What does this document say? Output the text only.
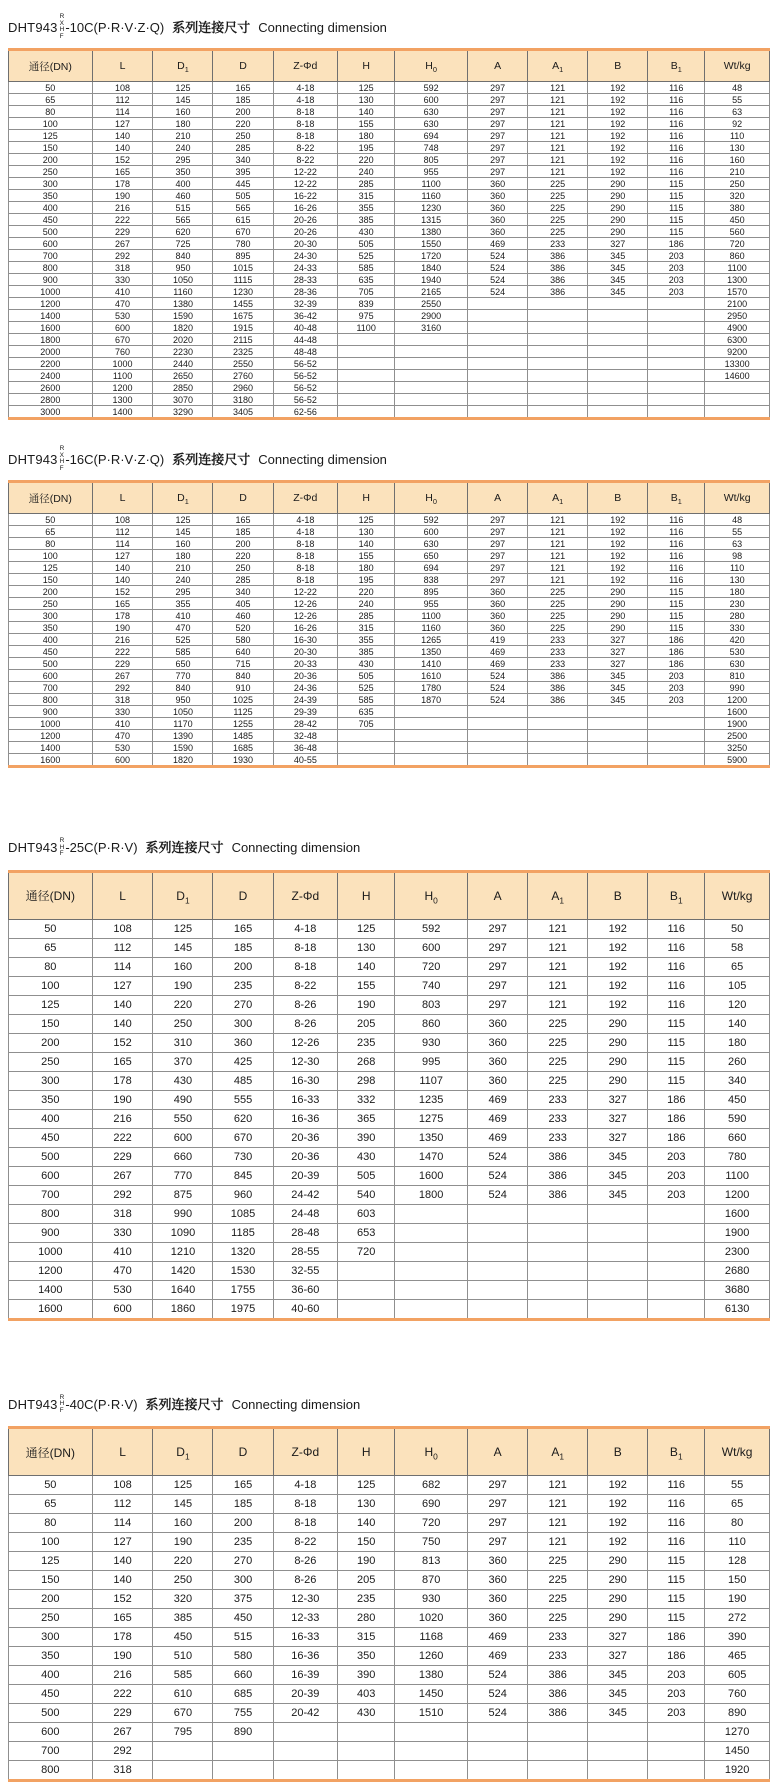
DHT943
R
X
H
F
-10C(P·R·V·Z·Q) 系列连接尺寸 Connecting dimension
通径(DN)	L	$D_1$	D	Z-Φd	H	$H_0$	A	$A_1$	B	$B_1$	Wt/kg
50	108	125	165	4-18	125	592	297	121	192	116	48
65	112	145	185	4-18	130	600	297	121	192	116	55
80	114	160	200	8-18	140	630	297	121	192	116	63
100	127	180	220	8-18	155	630	297	121	192	116	92
125	140	210	250	8-18	180	694	297	121	192	116	110
150	140	240	285	8-22	195	748	297	121	192	116	130
200	152	295	340	8-22	220	805	297	121	192	116	160
250	165	350	395	12-22	240	955	297	121	192	116	210
300	178	400	445	12-22	285	1100	360	225	290	115	250
350	190	460	505	16-22	315	1160	360	225	290	115	320
400	216	515	565	16-26	355	1230	360	225	290	115	380
450	222	565	615	20-26	385	1315	360	225	290	115	450
500	229	620	670	20-26	430	1380	360	225	290	115	560
600	267	725	780	20-30	505	1550	469	233	327	186	720
700	292	840	895	24-30	525	1720	524	386	345	203	860
800	318	950	1015	24-33	585	1840	524	386	345	203	1100
900	330	1050	1115	28-33	635	1940	524	386	345	203	1300
1000	410	1160	1230	28-36	705	2165	524	386	345	203	1570
1200	470	1380	1455	32-39	839	2550					2100
1400	530	1590	1675	36-42	975	2900					2950
1600	600	1820	1915	40-48	1100	3160					4900
1800	670	2020	2115	44-48							6300
2000	760	2230	2325	48-48							9200
2200	1000	2440	2550	56-52							13300
2400	1100	2650	2760	56-52							14600
2600	1200	2850	2960	56-52							
2800	1300	3070	3180	56-52							
3000	1400	3290	3405	62-56							
DHT943
R
X
H
F
-16C(P·R·V·Z·Q) 系列连接尺寸 Connecting dimension
通径(DN)	L	$D_1$	D	Z-Φd	H	$H_0$	A	$A_1$	B	$B_1$	Wt/kg
50	108	125	165	4-18	125	592	297	121	192	116	48
65	112	145	185	4-18	130	600	297	121	192	116	55
80	114	160	200	8-18	140	630	297	121	192	116	63
100	127	180	220	8-18	155	650	297	121	192	116	98
125	140	210	250	8-18	180	694	297	121	192	116	110
150	140	240	285	8-18	195	838	297	121	192	116	130
200	152	295	340	12-22	220	895	360	225	290	115	180
250	165	355	405	12-26	240	955	360	225	290	115	230
300	178	410	460	12-26	285	1100	360	225	290	115	280
350	190	470	520	16-26	315	1160	360	225	290	115	330
400	216	525	580	16-30	355	1265	419	233	327	186	420
450	222	585	640	20-30	385	1350	469	233	327	186	530
500	229	650	715	20-33	430	1410	469	233	327	186	630
600	267	770	840	20-36	505	1610	524	386	345	203	810
700	292	840	910	24-36	525	1780	524	386	345	203	990
800	318	950	1025	24-39	585	1870	524	386	345	203	1200
900	330	1050	1125	29-39	635						1600
1000	410	1170	1255	28-42	705						1900
1200	470	1390	1485	32-48							2500
1400	530	1590	1685	36-48							3250
1600	600	1820	1930	40-55							5900
DHT943 R
H
F -25C(P·R·V) 系列连接尺寸 Connecting dimension
通径(DN)	L	$D_1$	D	Z-Φd	H	$H_0$	A	$A_1$	B	$B_1$	Wt/kg
50	108	125	165	4-18	125	592	297	121	192	116	50
65	112	145	185	8-18	130	600	297	121	192	116	58
80	114	160	200	8-18	140	720	297	121	192	116	65
100	127	190	235	8-22	155	740	297	121	192	116	105
125	140	220	270	8-26	190	803	297	121	192	116	120
150	140	250	300	8-26	205	860	360	225	290	115	140
200	152	310	360	12-26	235	930	360	225	290	115	180
250	165	370	425	12-30	268	995	360	225	290	115	260
300	178	430	485	16-30	298	1107	360	225	290	115	340
350	190	490	555	16-33	332	1235	469	233	327	186	450
400	216	550	620	16-36	365	1275	469	233	327	186	590
450	222	600	670	20-36	390	1350	469	233	327	186	660
500	229	660	730	20-36	430	1470	524	386	345	203	780
600	267	770	845	20-39	505	1600	524	386	345	203	1100
700	292	875	960	24-42	540	1800	524	386	345	203	1200
800	318	990	1085	24-48	603						1600
900	330	1090	1185	28-48	653						1900
1000	410	1210	1320	28-55	720						2300
1200	470	1420	1530	32-55							2680
1400	530	1640	1755	36-60							3680
1600	600	1860	1975	40-60							6130
DHT943 R
H
F -40C(P·R·V) 系列连接尺寸 Connecting dimension
通径(DN)	L	$D_1$	D	Z-Φd	H	$H_0$	A	$A_1$	B	$B_1$	Wt/kg
50	108	125	165	4-18	125	682	297	121	192	116	55
65	112	145	185	8-18	130	690	297	121	192	116	65
80	114	160	200	8-18	140	720	297	121	192	116	80
100	127	190	235	8-22	150	750	297	121	192	116	110
125	140	220	270	8-26	190	813	360	225	290	115	128
150	140	250	300	8-26	205	870	360	225	290	115	150
200	152	320	375	12-30	235	930	360	225	290	115	190
250	165	385	450	12-33	280	1020	360	225	290	115	272
300	178	450	515	16-33	315	1168	469	233	327	186	390
350	190	510	580	16-36	350	1260	469	233	327	186	465
400	216	585	660	16-39	390	1380	524	386	345	203	605
450	222	610	685	20-39	403	1450	524	386	345	203	760
500	229	670	755	20-42	430	1510	524	386	345	203	890
600	267	795	890								1270
700	292										1450
800	318										1920
